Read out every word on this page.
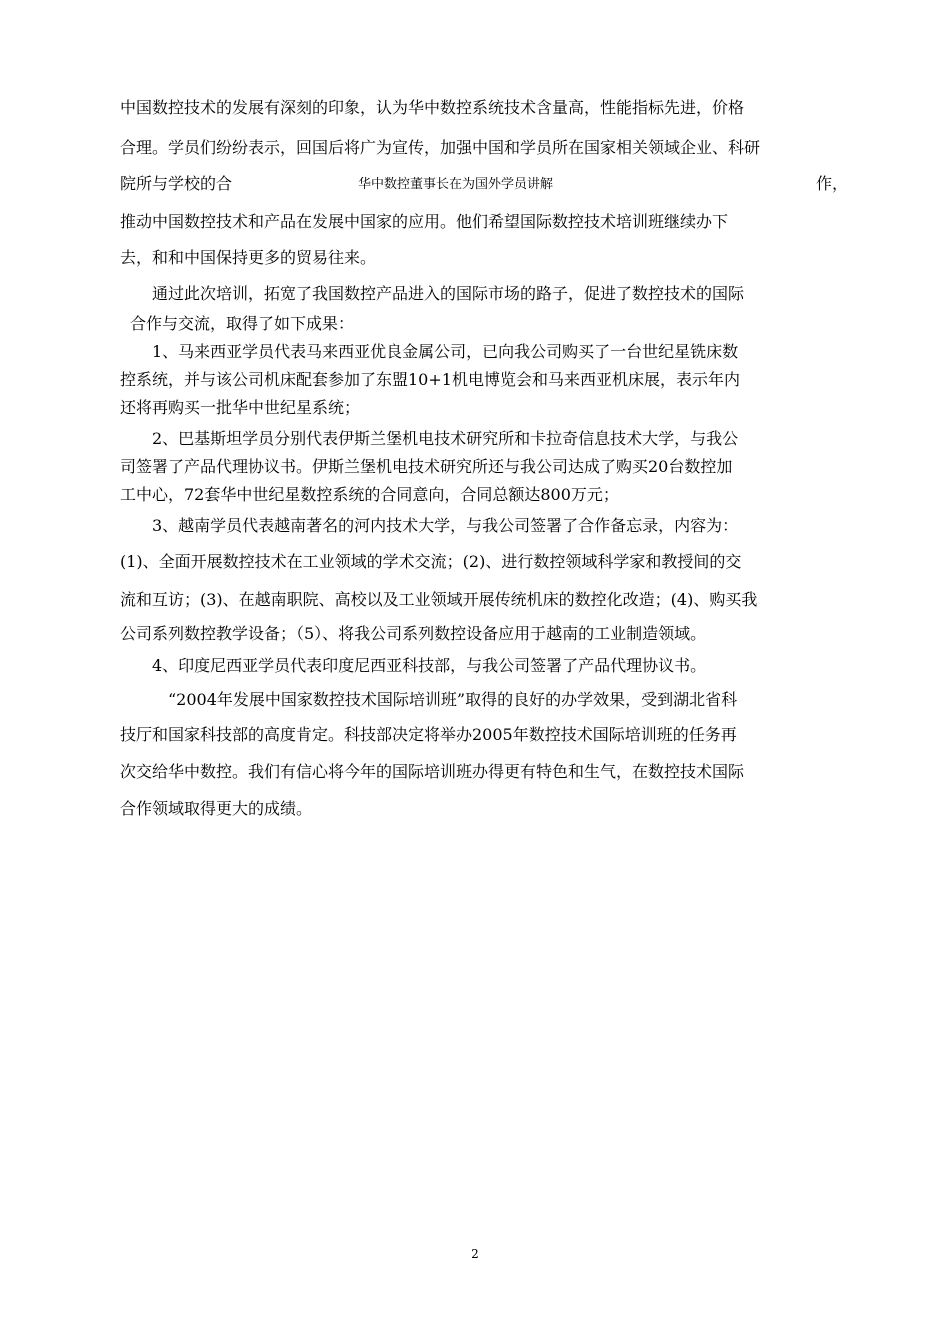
中国数控技术的发展有深刻的印象，认为华中数控系统技术含量高，性能指标先进，价格
合理。学员们纷纷表示，回国后将广为宣传，加强中国和学员所在国家相关领域企业、科研
院所与学校的合	华中数控董事长在为国外学员讲解	作，
推动中国数控技术和产品在发展中国家的应用。他们希望国际数控技术培训班继续办下
去，和和中国保持更多的贸易往来。
通过此次培训，拓宽了我国数控产品进入的国际市场的路子，促进了数控技术的国际
合作与交流，取得了如下成果：
1、马来西亚学员代表马来西亚优良金属公司，已向我公司购买了一台世纪星铣床数
控系统，并与该公司机床配套参加了东盟10+1机电博览会和马来西亚机床展，表示年内
还将再购买一批华中世纪星系统；
2、巴基斯坦学员分别代表伊斯兰堡机电技术研究所和卡拉奇信息技术大学，与我公
司签署了产品代理协议书。伊斯兰堡机电技术研究所还与我公司达成了购买20台数控加
工中心，72套华中世纪星数控系统的合同意向，合同总额达800万元；
3、越南学员代表越南著名的河内技术大学，与我公司签署了合作备忘录，内容为：
(1)、全面开展数控技术在工业领域的学术交流；(2)、进行数控领域科学家和教授间的交
流和互访；(3)、在越南职院、高校以及工业领域开展传统机床的数控化改造；(4)、购买我
公司系列数控教学设备；（5）、将我公司系列数控设备应用于越南的工业制造领域。
4、印度尼西亚学员代表印度尼西亚科技部，与我公司签署了产品代理协议书。
“2004年发展中国家数控技术国际培训班”取得的良好的办学效果，受到湖北省科
技厅和国家科技部的高度肯定。科技部决定将举办2005年数控技术国际培训班的任务再
次交给华中数控。我们有信心将今年的国际培训班办得更有特色和生气，在数控技术国际
合作领域取得更大的成绩。
2
